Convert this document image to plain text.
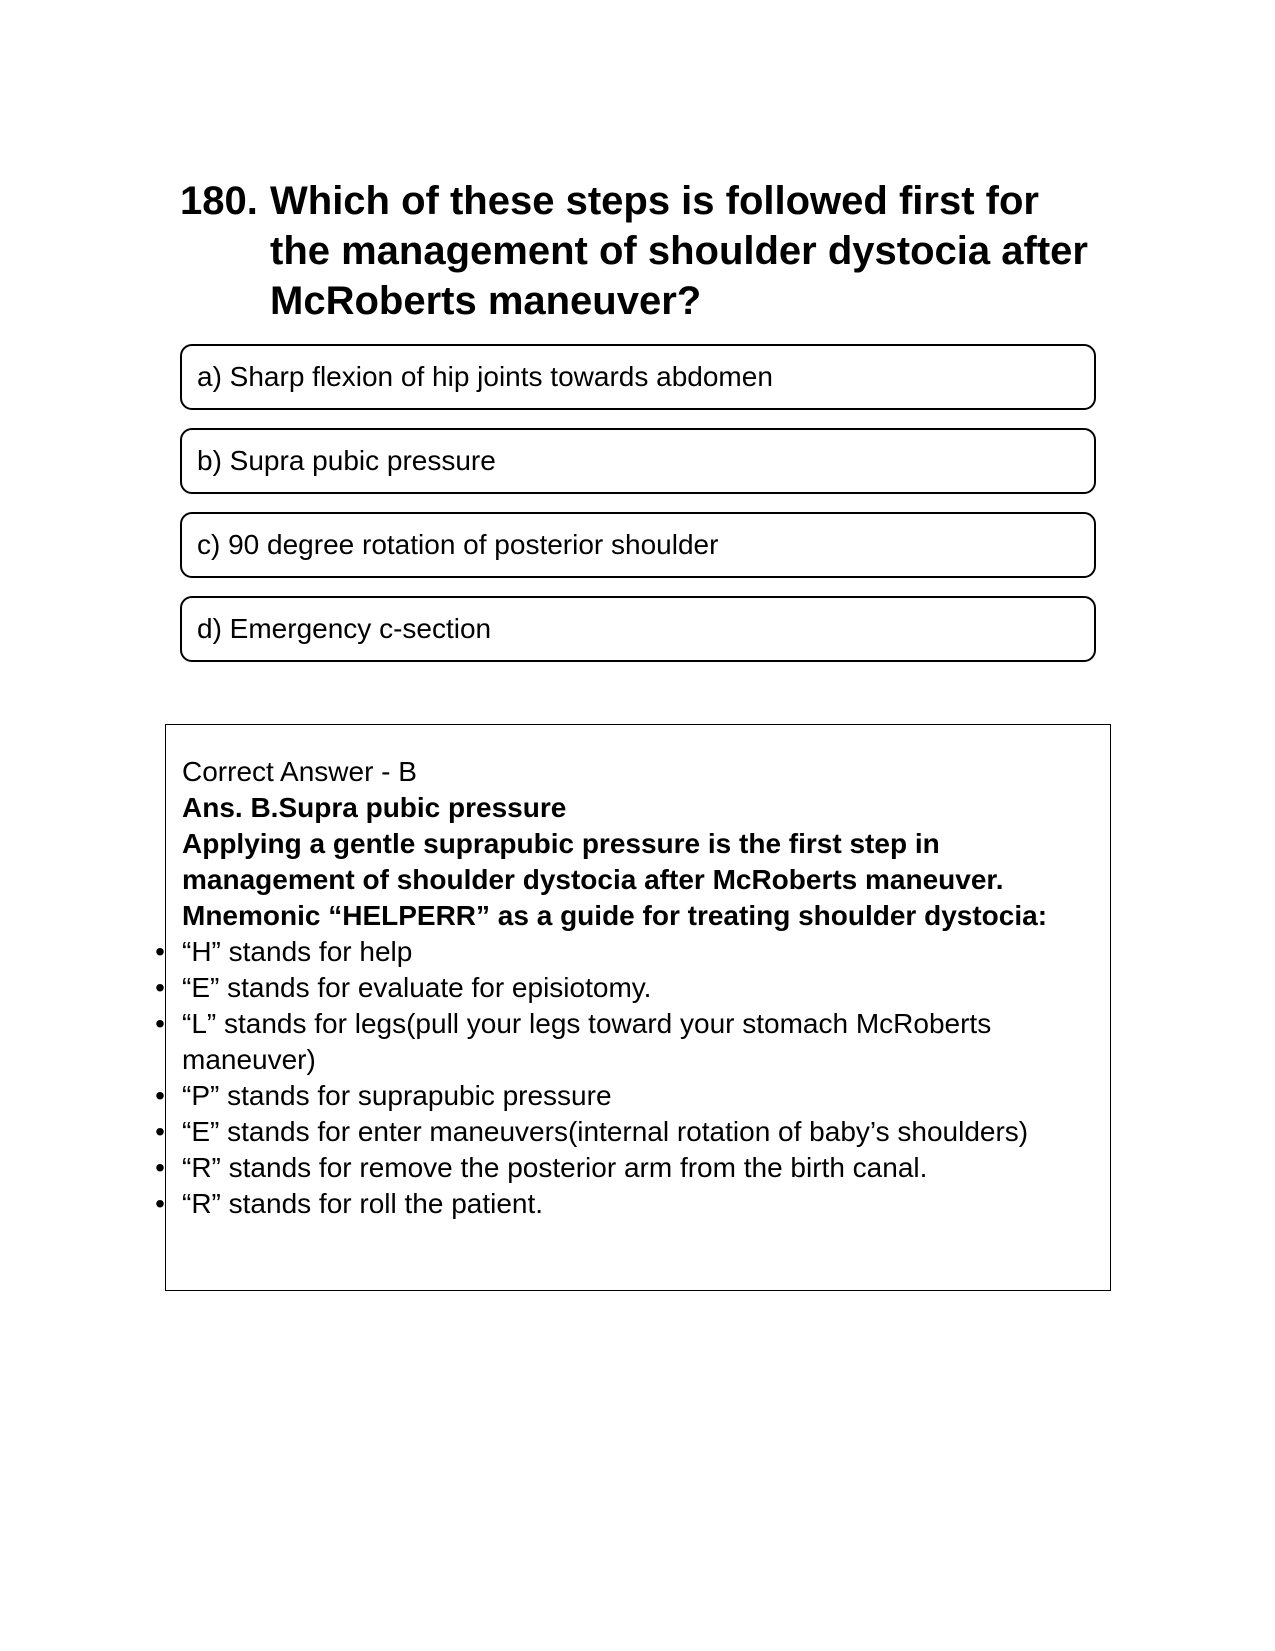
180. Which of these steps is followed first for the management of shoulder dystocia after McRoberts maneuver?
a) Sharp flexion of hip joints towards abdomen
b) Supra pubic pressure
c) 90 degree rotation of posterior shoulder
d) Emergency c-section

Correct Answer - B

Ans. B.Supra pubic pressure

Applying a gentle suprapubic pressure is the first step in management of shoulder dystocia after McRoberts maneuver.

Mnemonic “HELPERR” as a guide for treating shoulder dystocia:

• “H” stands for help
• “E” stands for evaluate for episiotomy.
• “L” stands for legs(pull your legs toward your stomach McRoberts maneuver)
• “P” stands for suprapubic pressure
• “E” stands for enter maneuvers(internal rotation of baby’s shoulders)
• “R” stands for remove the posterior arm from the birth canal.
• “R” stands for roll the patient.
